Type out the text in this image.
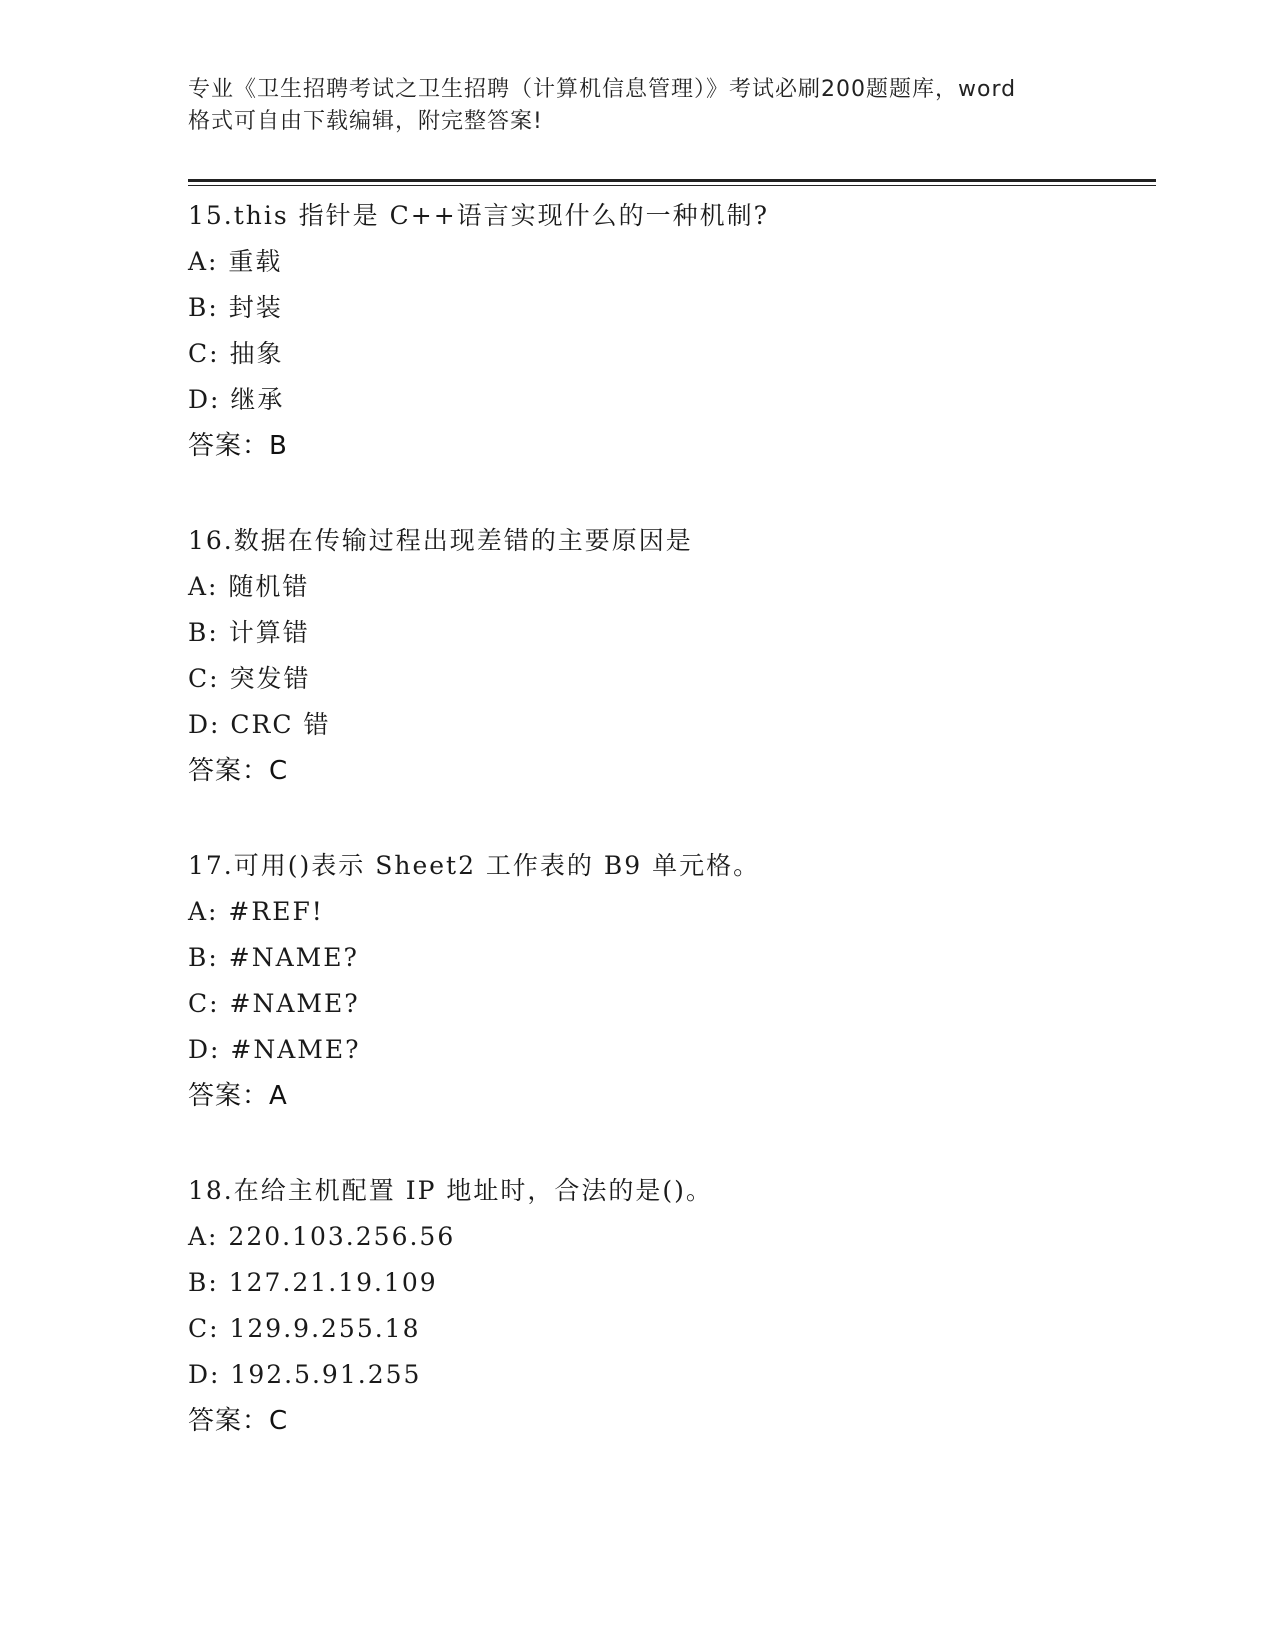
专业《卫生招聘考试之卫生招聘（计算机信息管理）》考试必刷200题题库，word
格式可自由下载编辑，附完整答案!
15.this 指针是 C++语言实现什么的一种机制?
A: 重载
B: 封装
C: 抽象
D: 继承
答案：B
16.数据在传输过程出现差错的主要原因是
A: 随机错
B: 计算错
C: 突发错
D: CRC 错
答案：C
17.可用()表示 Sheet2 工作表的 B9 单元格。
A: #REF!
B: #NAME?
C: #NAME?
D: #NAME?
答案：A
18.在给主机配置 IP 地址时，合法的是()。
A: 220.103.256.56
B: 127.21.19.109
C: 129.9.255.18
D: 192.5.91.255
答案：C
